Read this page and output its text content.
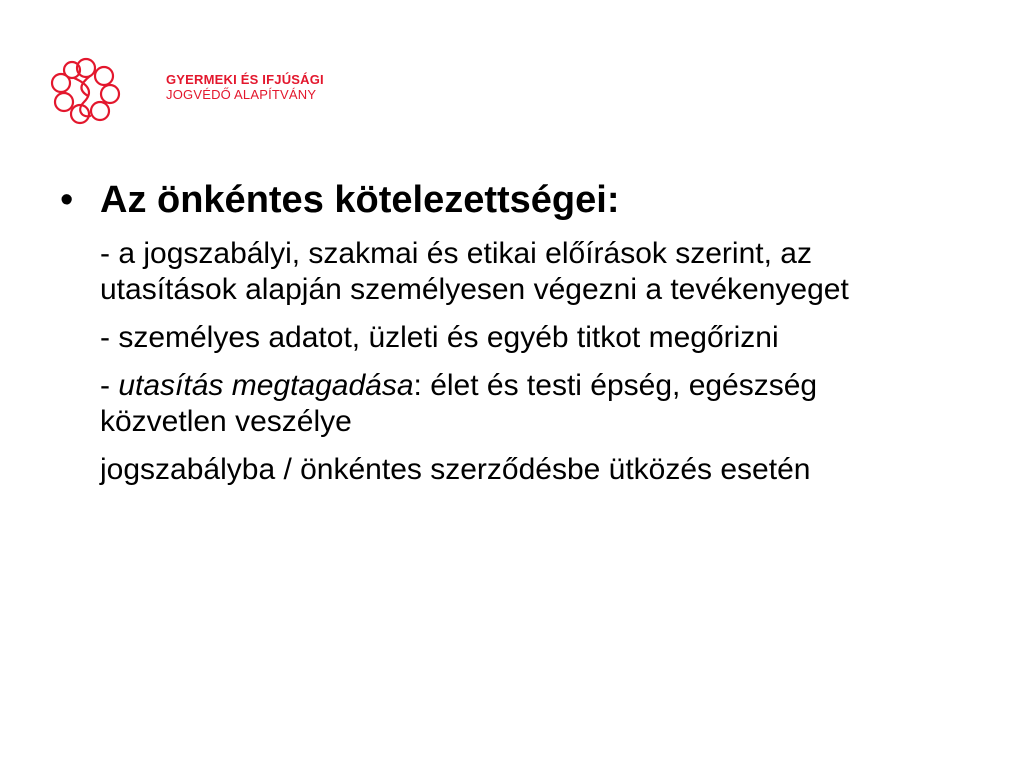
GYERMEKI ÉS IFJÚSÁGI
JOGVÉDŐ ALAPÍTVÁNY
• Az önkéntes kötelezettségei:

- a jogszabályi, szakmai és etikai előírások szerint, az utasítások alapján személyesen végezni a tevékenyeget

- személyes adatot, üzleti és egyéb titkot megőrizni

- utasítás megtagadása: élet és testi épség, egészség közvetlen veszélye

jogszabályba / önkéntes szerződésbe ütközés esetén
